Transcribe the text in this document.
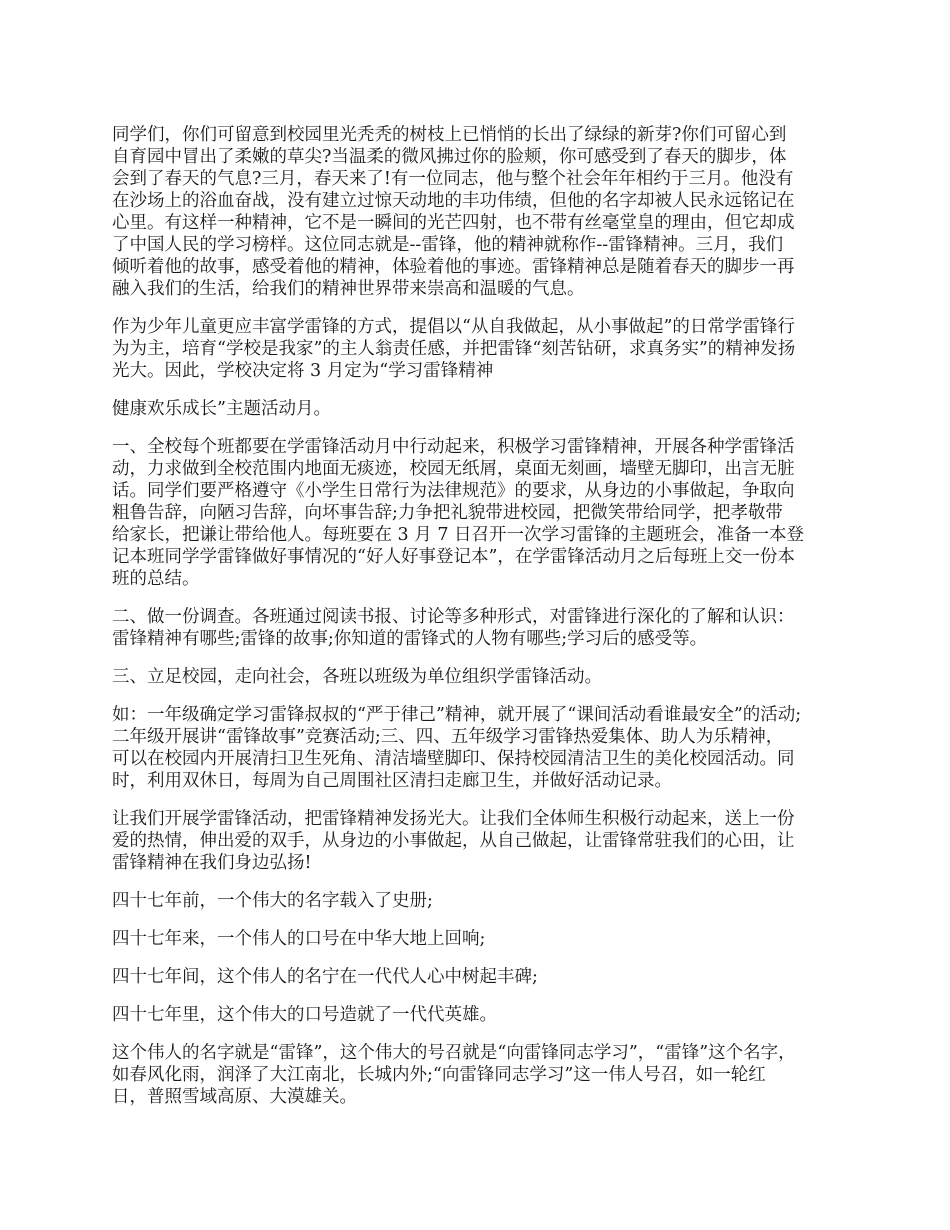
同学们，你们可留意到校园里光秃秃的树枝上已悄悄的长出了绿绿的新芽?你们可留心到
自育园中冒出了柔嫩的草尖?当温柔的微风拂过你的脸颊，你可感受到了春天的脚步，体
会到了春天的气息?三月，春天来了!有一位同志，他与整个社会年年相约于三月。他没有
在沙场上的浴血奋战，没有建立过惊天动地的丰功伟绩，但他的名字却被人民永远铭记在
心里。有这样一种精神，它不是一瞬间的光芒四射，也不带有丝毫堂皇的理由，但它却成
了中国人民的学习榜样。这位同志就是--雷锋，他的精神就称作--雷锋精神。三月，我们
倾听着他的故事，感受着他的精神，体验着他的事迹。雷锋精神总是随着春天的脚步一再
融入我们的生活，给我们的精神世界带来崇高和温暖的气息。

作为少年儿童更应丰富学雷锋的方式，提倡以“从自我做起，从小事做起”的日常学雷锋行
为为主，培育“学校是我家”的主人翁责任感，并把雷锋“刻苦钻研，求真务实”的精神发扬
光大。因此，学校决定将 3 月定为“学习雷锋精神

健康欢乐成长”主题活动月。

一、全校每个班都要在学雷锋活动月中行动起来，积极学习雷锋精神，开展各种学雷锋活
动，力求做到全校范围内地面无痰迹，校园无纸屑，桌面无刻画，墙壁无脚印，出言无脏
话。同学们要严格遵守《小学生日常行为法律规范》的要求，从身边的小事做起，争取向
粗鲁告辞，向陋习告辞，向坏事告辞;力争把礼貌带进校园，把微笑带给同学，把孝敬带
给家长，把谦让带给他人。每班要在 3 月 7 日召开一次学习雷锋的主题班会，准备一本登
记本班同学学雷锋做好事情况的“好人好事登记本”，在学雷锋活动月之后每班上交一份本
班的总结。

二、做一份调查。各班通过阅读书报、讨论等多种形式，对雷锋进行深化的了解和认识：
雷锋精神有哪些;雷锋的故事;你知道的雷锋式的人物有哪些;学习后的感受等。

三、立足校园，走向社会，各班以班级为单位组织学雷锋活动。

如：一年级确定学习雷锋叔叔的“严于律己”精神，就开展了“课间活动看谁最安全”的活动;
二年级开展讲“雷锋故事”竞赛活动;三、四、五年级学习雷锋热爱集体、助人为乐精神，
可以在校园内开展清扫卫生死角、清洁墙壁脚印、保持校园清洁卫生的美化校园活动。同
时，利用双休日，每周为自己周围社区清扫走廊卫生，并做好活动记录。

让我们开展学雷锋活动，把雷锋精神发扬光大。让我们全体师生积极行动起来，送上一份
爱的热情，伸出爱的双手，从身边的小事做起，从自己做起，让雷锋常驻我们的心田，让
雷锋精神在我们身边弘扬!

四十七年前，一个伟大的名字载入了史册;

四十七年来，一个伟人的口号在中华大地上回响;

四十七年间，这个伟人的名宁在一代代人心中树起丰碑;

四十七年里，这个伟大的口号造就了一代代英雄。

这个伟人的名字就是“雷锋”，这个伟大的号召就是“向雷锋同志学习”，“雷锋”这个名字，
如春风化雨，润泽了大江南北，长城内外;“向雷锋同志学习”这一伟人号召，如一轮红
日，普照雪域高原、大漠雄关。
